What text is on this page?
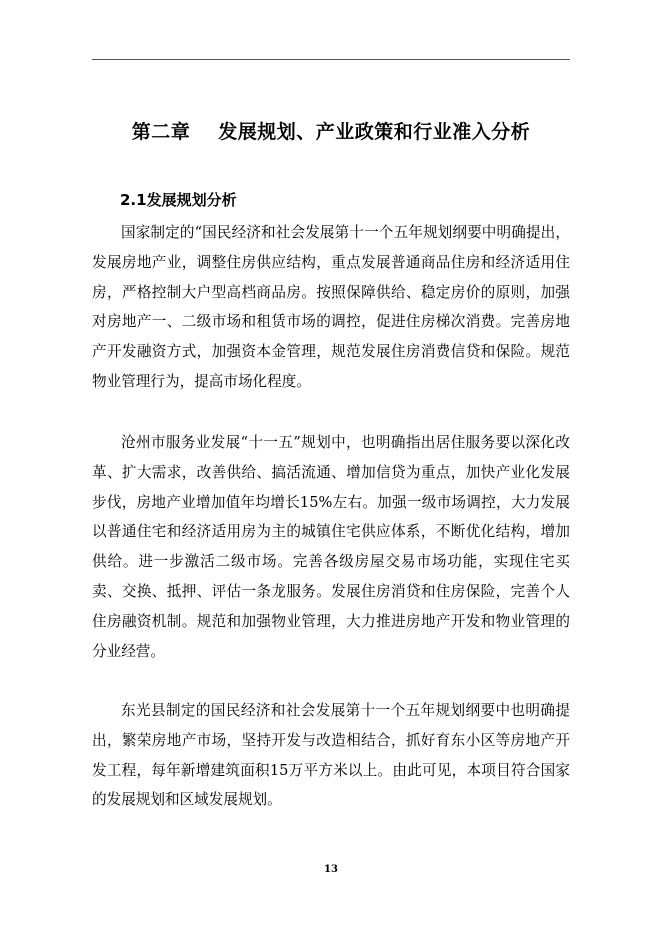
第二章 发展规划、产业政策和行业准入分析
2.1发展规划分析

国家制定的“国民经济和社会发展第十一个五年规划纲要中明确提出，发展房地产业，调整住房供应结构，重点发展普通商品住房和经济适用住房，严格控制大户型高档商品房。按照保障供给、稳定房价的原则，加强对房地产一、二级市场和租赁市场的调控，促进住房梯次消费。完善房地产开发融资方式，加强资本金管理，规范发展住房消费信贷和保险。规范物业管理行为，提高市场化程度。

沧州市服务业发展“十一五”规划中，也明确指出居住服务要以深化改革、扩大需求，改善供给、搞活流通、增加信贷为重点，加快产业化发展步伐，房地产业增加值年均增长15%左右。加强一级市场调控，大力发展以普通住宅和经济适用房为主的城镇住宅供应体系，不断优化结构，增加供给。进一步激活二级市场。完善各级房屋交易市场功能，实现住宅买卖、交换、抵押、评估一条龙服务。发展住房消贷和住房保险，完善个人住房融资机制。规范和加强物业管理，大力推进房地产开发和物业管理的分业经营。

东光县制定的国民经济和社会发展第十一个五年规划纲要中也明确提出，繁荣房地产市场，坚持开发与改造相结合，抓好育东小区等房地产开发工程，每年新增建筑面积15万平方米以上。由此可见，本项目符合国家的发展规划和区域发展规划。

13
